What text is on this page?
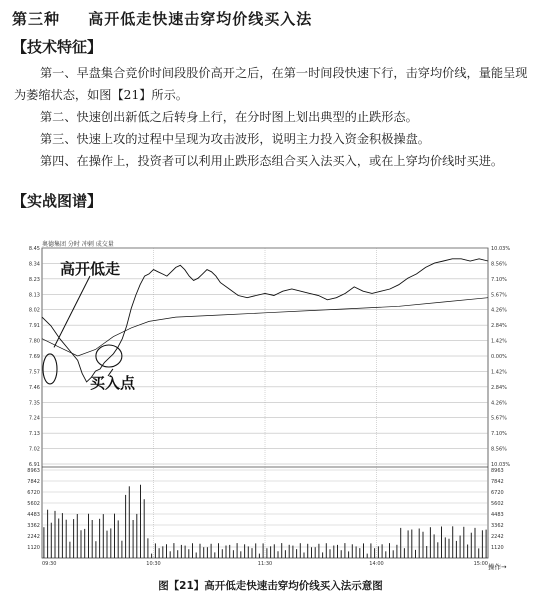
第三种 高开低走快速击穿均价线买入法
【技术特征】

第一、早盘集合竞价时间段股价高开之后，在第一时间段快速下行，击穿均价线，量能呈现为萎缩状态，如图【21】所示。

第二、快速创出新低之后转身上行，在分时图上划出典型的止跌形态。

第三、快速上攻的过程中呈现为攻击波形，说明主力投入资金积极操盘。

第四、在操作上，投资者可以利用止跌形态组合买入法买入，或在上穿均价线时买进。

【实战图谱】
8.45	10.03%
8.34	8.56%
8.23	7.10%
8.13	5.67%
8.02	4.26%
7.91	2.84%
7.80	1.42%
7.69	0.00%
7.57	1.42%
7.46	2.84%
7.35	4.26%
7.24	5.67%
7.13	7.10%
7.02	8.56%
6.91	10.03%
8963	8963
7842	7842
6720	6720
5602	5602
4483	4483
3362	3362
2242	2242
1120	1120
09:30	10:30	11:30	14:00	15:00
奥德集团 分时 冲刺 成交量
高开低走
买入点
操作→
图【21】高开低走快速击穿均价线买入法示意图
